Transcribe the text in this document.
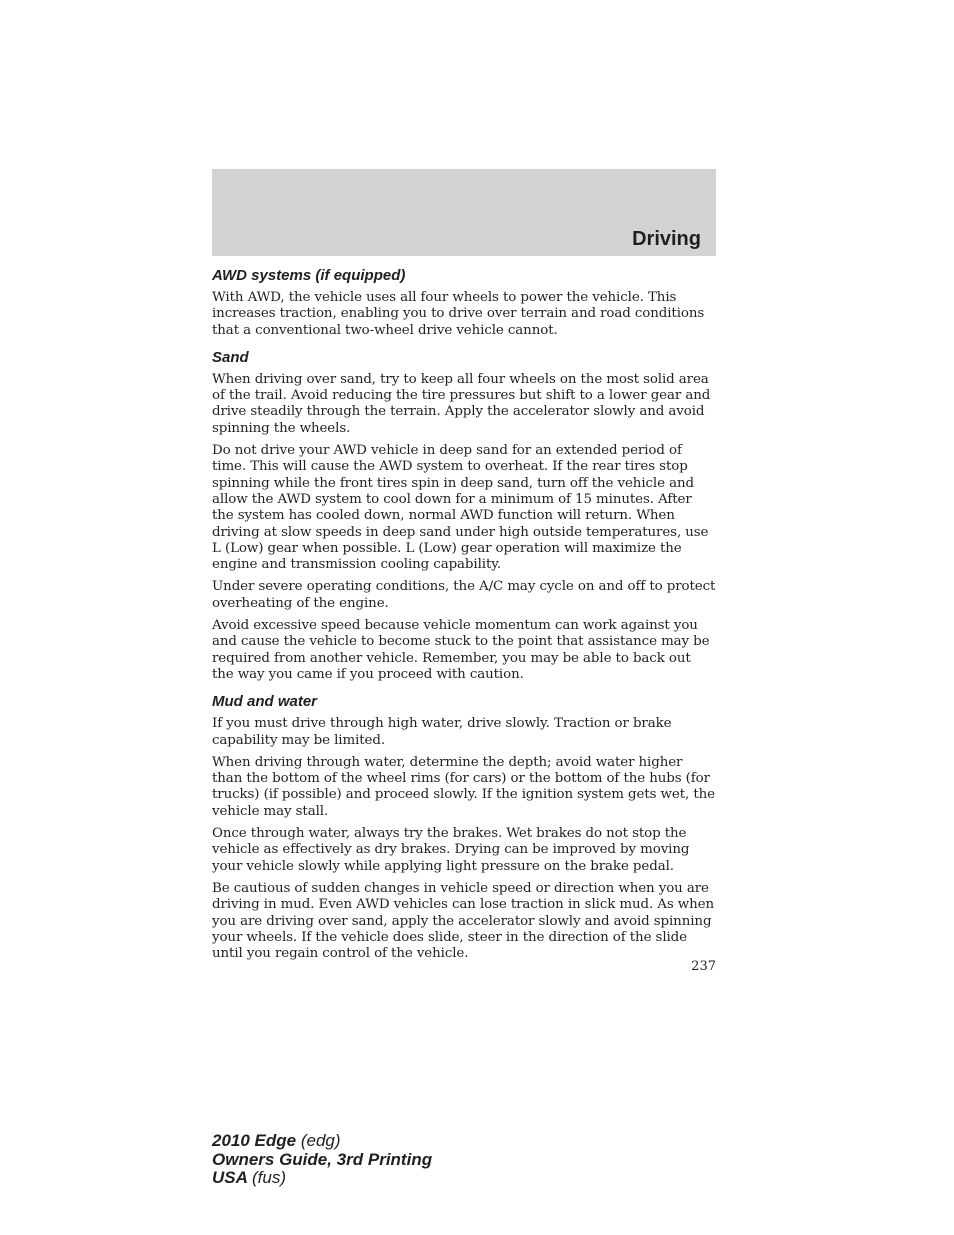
Driving
AWD systems (if equipped)

With AWD, the vehicle uses all four wheels to power the vehicle. This increases traction, enabling you to drive over terrain and road conditions that a conventional two-wheel drive vehicle cannot.

Sand

When driving over sand, try to keep all four wheels on the most solid area of the trail. Avoid reducing the tire pressures but shift to a lower gear and drive steadily through the terrain. Apply the accelerator slowly and avoid spinning the wheels.

Do not drive your AWD vehicle in deep sand for an extended period of time. This will cause the AWD system to overheat. If the rear tires stop spinning while the front tires spin in deep sand, turn off the vehicle and allow the AWD system to cool down for a minimum of 15 minutes. After the system has cooled down, normal AWD function will return. When driving at slow speeds in deep sand under high outside temperatures, use L (Low) gear when possible. L (Low) gear operation will maximize the engine and transmission cooling capability.

Under severe operating conditions, the A/C may cycle on and off to protect overheating of the engine.

Avoid excessive speed because vehicle momentum can work against you and cause the vehicle to become stuck to the point that assistance may be required from another vehicle. Remember, you may be able to back out the way you came if you proceed with caution.

Mud and water

If you must drive through high water, drive slowly. Traction or brake capability may be limited.

When driving through water, determine the depth; avoid water higher than the bottom of the wheel rims (for cars) or the bottom of the hubs (for trucks) (if possible) and proceed slowly. If the ignition system gets wet, the vehicle may stall.

Once through water, always try the brakes. Wet brakes do not stop the vehicle as effectively as dry brakes. Drying can be improved by moving your vehicle slowly while applying light pressure on the brake pedal.

Be cautious of sudden changes in vehicle speed or direction when you are driving in mud. Even AWD vehicles can lose traction in slick mud. As when you are driving over sand, apply the accelerator slowly and avoid spinning your wheels. If the vehicle does slide, steer in the direction of the slide until you regain control of the vehicle.

237
2010 Edge (edg)
Owners Guide, 3rd Printing
USA (fus)
